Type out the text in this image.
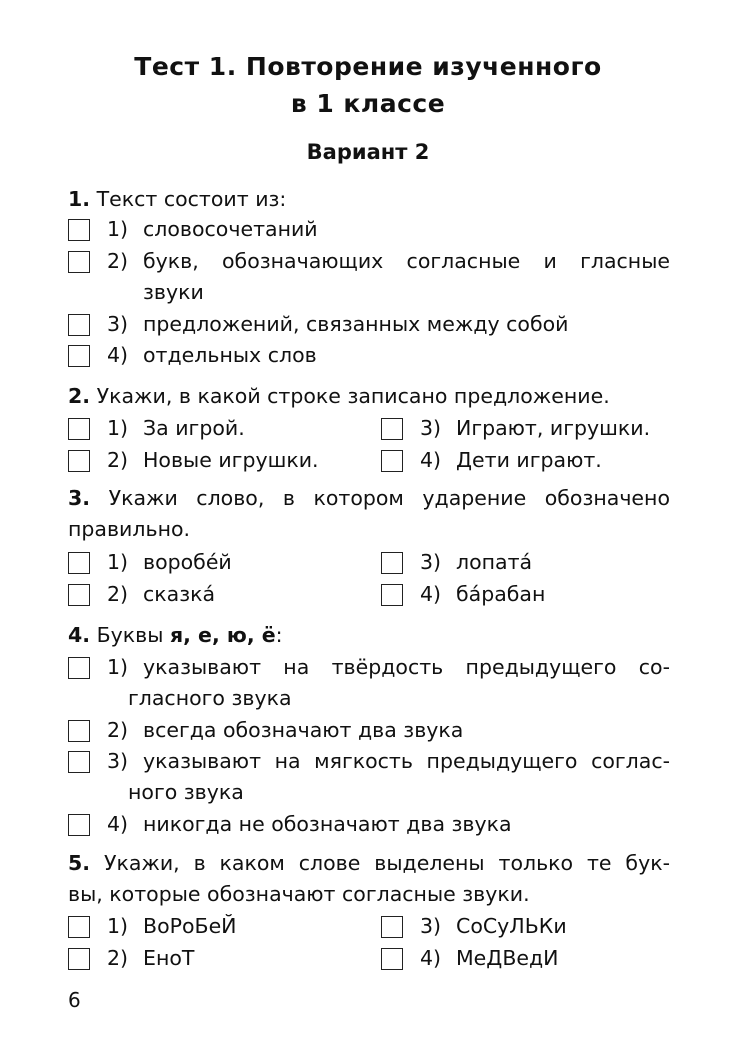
Тест 1. Повторение изученного
в 1 классе
Вариант 2
1. Текст состоит из:
1) словосочетаний
2) букв, обозначающих согласные и гласные
звуки
3) предложений, связанных между собой
4) отдельных слов
2. Укажи, в какой строке записано предложение.
1) За игрой.	3) Играют, игрушки.
2) Новые игрушки.	4) Дети играют.
3. Укажи слово, в котором ударение обозначено
правильно.
1) воробе́й	3) лопата́
2) сказка́	4) ба́рабан
4. Буквы я, е, ю, ё:
1) указывают на твёрдость предыдущего со-
гласного звука
2) всегда обозначают два звука
3) указывают на мягкость предыдущего соглас-
ного звука
4) никогда не обозначают два звука
5. Укажи, в каком слове выделены только те бук-
вы, которые обозначают согласные звуки.
1) ВоРоБеЙ	3) СоСуЛЬКи
2) ЕноТ	4) МеДВедИ
6
